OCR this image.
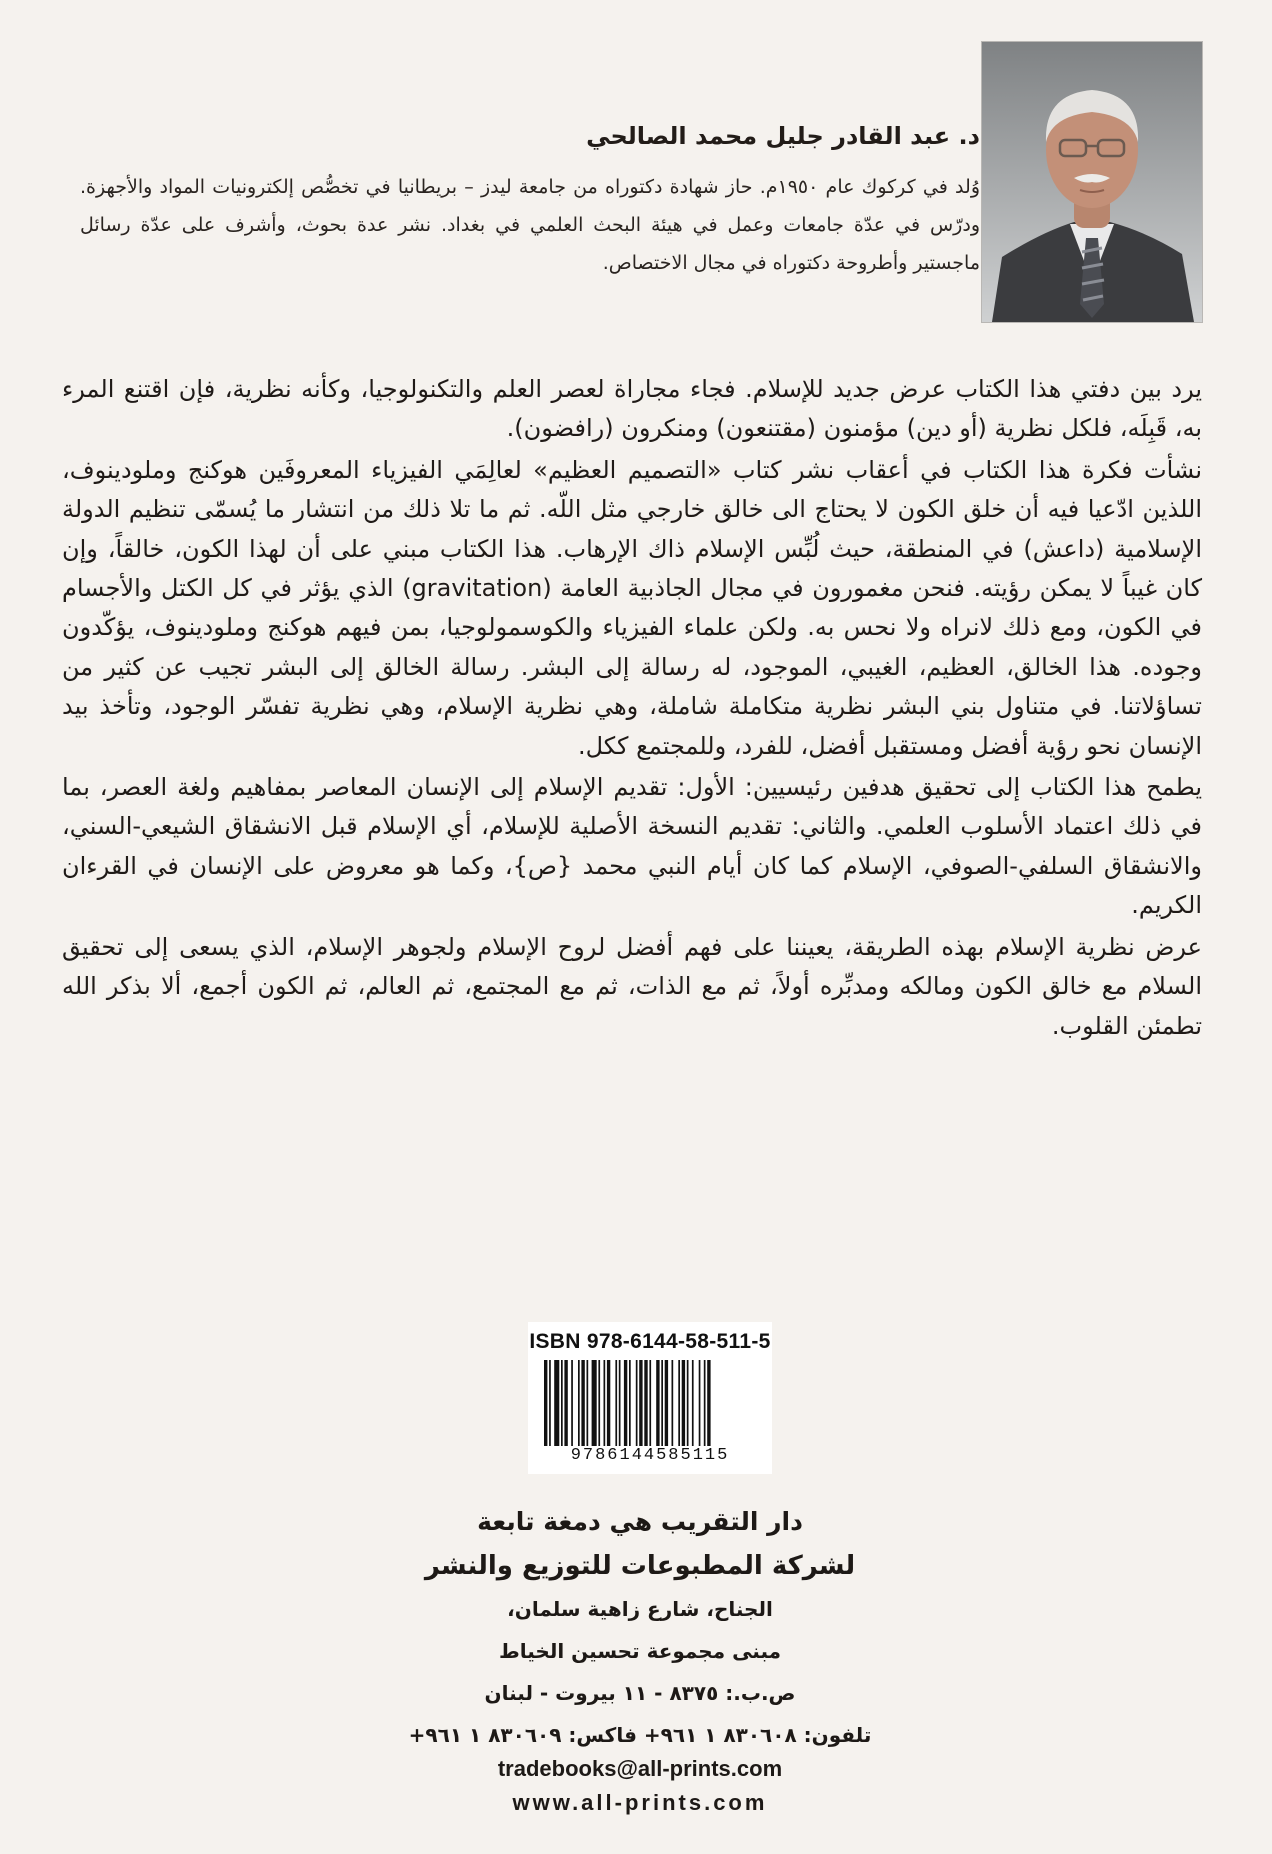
د. عبد القادر جليل محمد الصالحي

وُلد في كركوك عام ١٩٥٠م. حاز شهادة دكتوراه من جامعة ليدز – بريطانيا في تخصُّص إلكترونيات المواد والأجهزة. ودرّس في عدّة جامعات وعمل في هيئة البحث العلمي في بغداد. نشر عدة بحوث، وأشرف على عدّة رسائل ماجستير وأطروحة دكتوراه في مجال الاختصاص.

يرد بين دفتي هذا الكتاب عرض جديد للإسلام. فجاء مجاراة لعصر العلم والتكنولوجيا، وكأنه نظرية، فإن اقتنع المرء به، قَبِلَه، فلكل نظرية (أو دين) مؤمنون (مقتنعون) ومنكرون (رافضون).

نشأت فكرة هذا الكتاب في أعقاب نشر كتاب «التصميم العظيم» لعالِمَي الفيزياء المعروفَين هوكنج وملودينوف، اللذين ادّعيا فيه أن خلق الكون لا يحتاج الى خالق خارجي مثل اللّه. ثم ما تلا ذلك من انتشار ما يُسمّى تنظيم الدولة الإسلامية (داعش) في المنطقة، حيث لُبِّس الإسلام ذاك الإرهاب. هذا الكتاب مبني على أن لهذا الكون، خالقاً، وإن كان غيباً لا يمكن رؤيته. فنحن مغمورون في مجال الجاذبية العامة (gravitation) الذي يؤثر في كل الكتل والأجسام في الكون، ومع ذلك لانراه ولا نحس به. ولكن علماء الفيزياء والكوسمولوجيا، بمن فيهم هوكنج وملودينوف، يؤكّدون وجوده. هذا الخالق، العظيم، الغيبي، الموجود، له رسالة إلى البشر. رسالة الخالق إلى البشر تجيب عن كثير من تساؤلاتنا. في متناول بني البشر نظرية متكاملة شاملة، وهي نظرية الإسلام، وهي نظرية تفسّر الوجود، وتأخذ بيد الإنسان نحو رؤية أفضل ومستقبل أفضل، للفرد، وللمجتمع ككل.

يطمح هذا الكتاب إلى تحقيق هدفين رئيسيين: الأول: تقديم الإسلام إلى الإنسان المعاصر بمفاهيم ولغة العصر، بما في ذلك اعتماد الأسلوب العلمي. والثاني: تقديم النسخة الأصلية للإسلام، أي الإسلام قبل الانشقاق الشيعي-السني، والانشقاق السلفي-الصوفي، الإسلام كما كان أيام النبي محمد {ص}، وكما هو معروض على الإنسان في القرءان الكريم.

عرض نظرية الإسلام بهذه الطريقة، يعيننا على فهم أفضل لروح الإسلام ولجوهر الإسلام، الذي يسعى إلى تحقيق السلام مع خالق الكون ومالكه ومدبِّره أولاً، ثم مع الذات، ثم مع المجتمع، ثم العالم، ثم الكون أجمع، ألا بذكر الله تطمئن القلوب.

ISBN 978-6144-58-511-5
9786144585115
دار التقريب هي دمغة تابعة
لشركة المطبوعات للتوزيع والنشر
الجناح، شارع زاهية سلمان،
مبنى مجموعة تحسين الخياط
ص.ب.: ٨٣٧٥ - ١١ بيروت - لبنان
تلفون: ٨٣٠٦٠٨ ١ ٩٦١+ فاكس: ٨٣٠٦٠٩ ١ ٩٦١+
tradebooks@all-prints.com
www.all-prints.com
